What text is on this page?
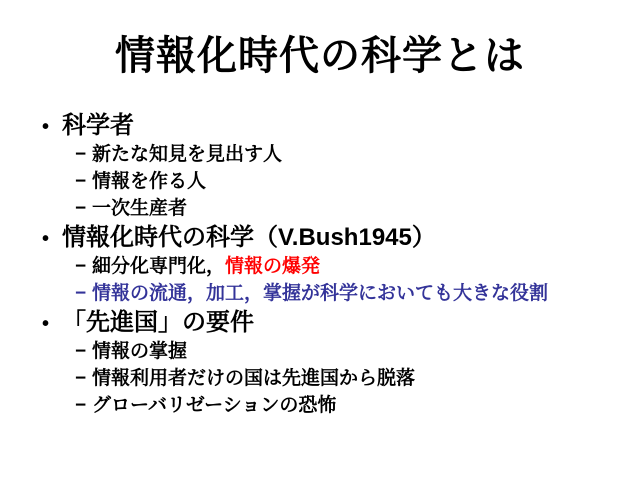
情報化時代の科学とは
• 科学者
− 新たな知見を見出す人
− 情報を作る人
− 一次生産者
• 情報化時代の科学（V.Bush1945）
− 細分化専門化，情報の爆発
− 情報の流通，加工，掌握が科学においても大きな役割
• 「先進国」の要件
− 情報の掌握
− 情報利用者だけの国は先進国から脱落
− グローバリゼーションの恐怖
